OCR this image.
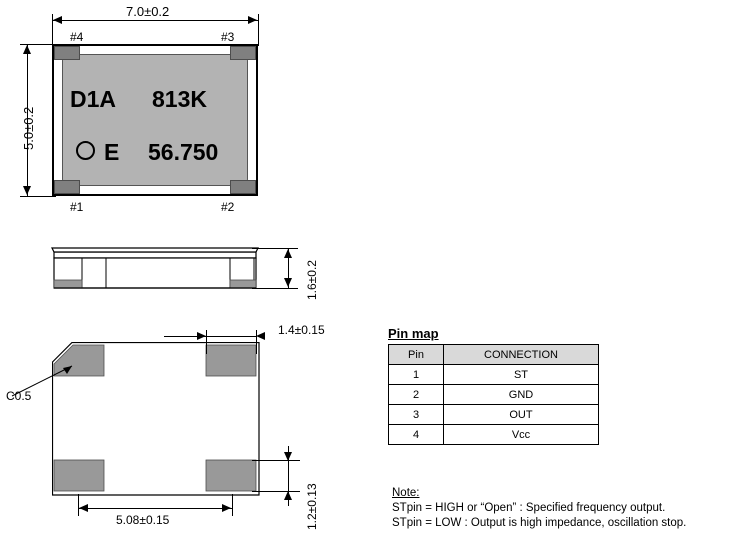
7.0±0.2
5.0±0.2
#4	#3
#1	#2
D1A 813K
E 56.750
1.6±0.2
C0.5
1.4±0.15
5.08±0.15	1.2±0.13
Pin map
Pin	CONNECTION
1	ST
2	GND
3	OUT
4	Vcc
Note:
STpin = HIGH or “Open” : Specified frequency output.
STpin = LOW : Output is high impedance, oscillation stop.
